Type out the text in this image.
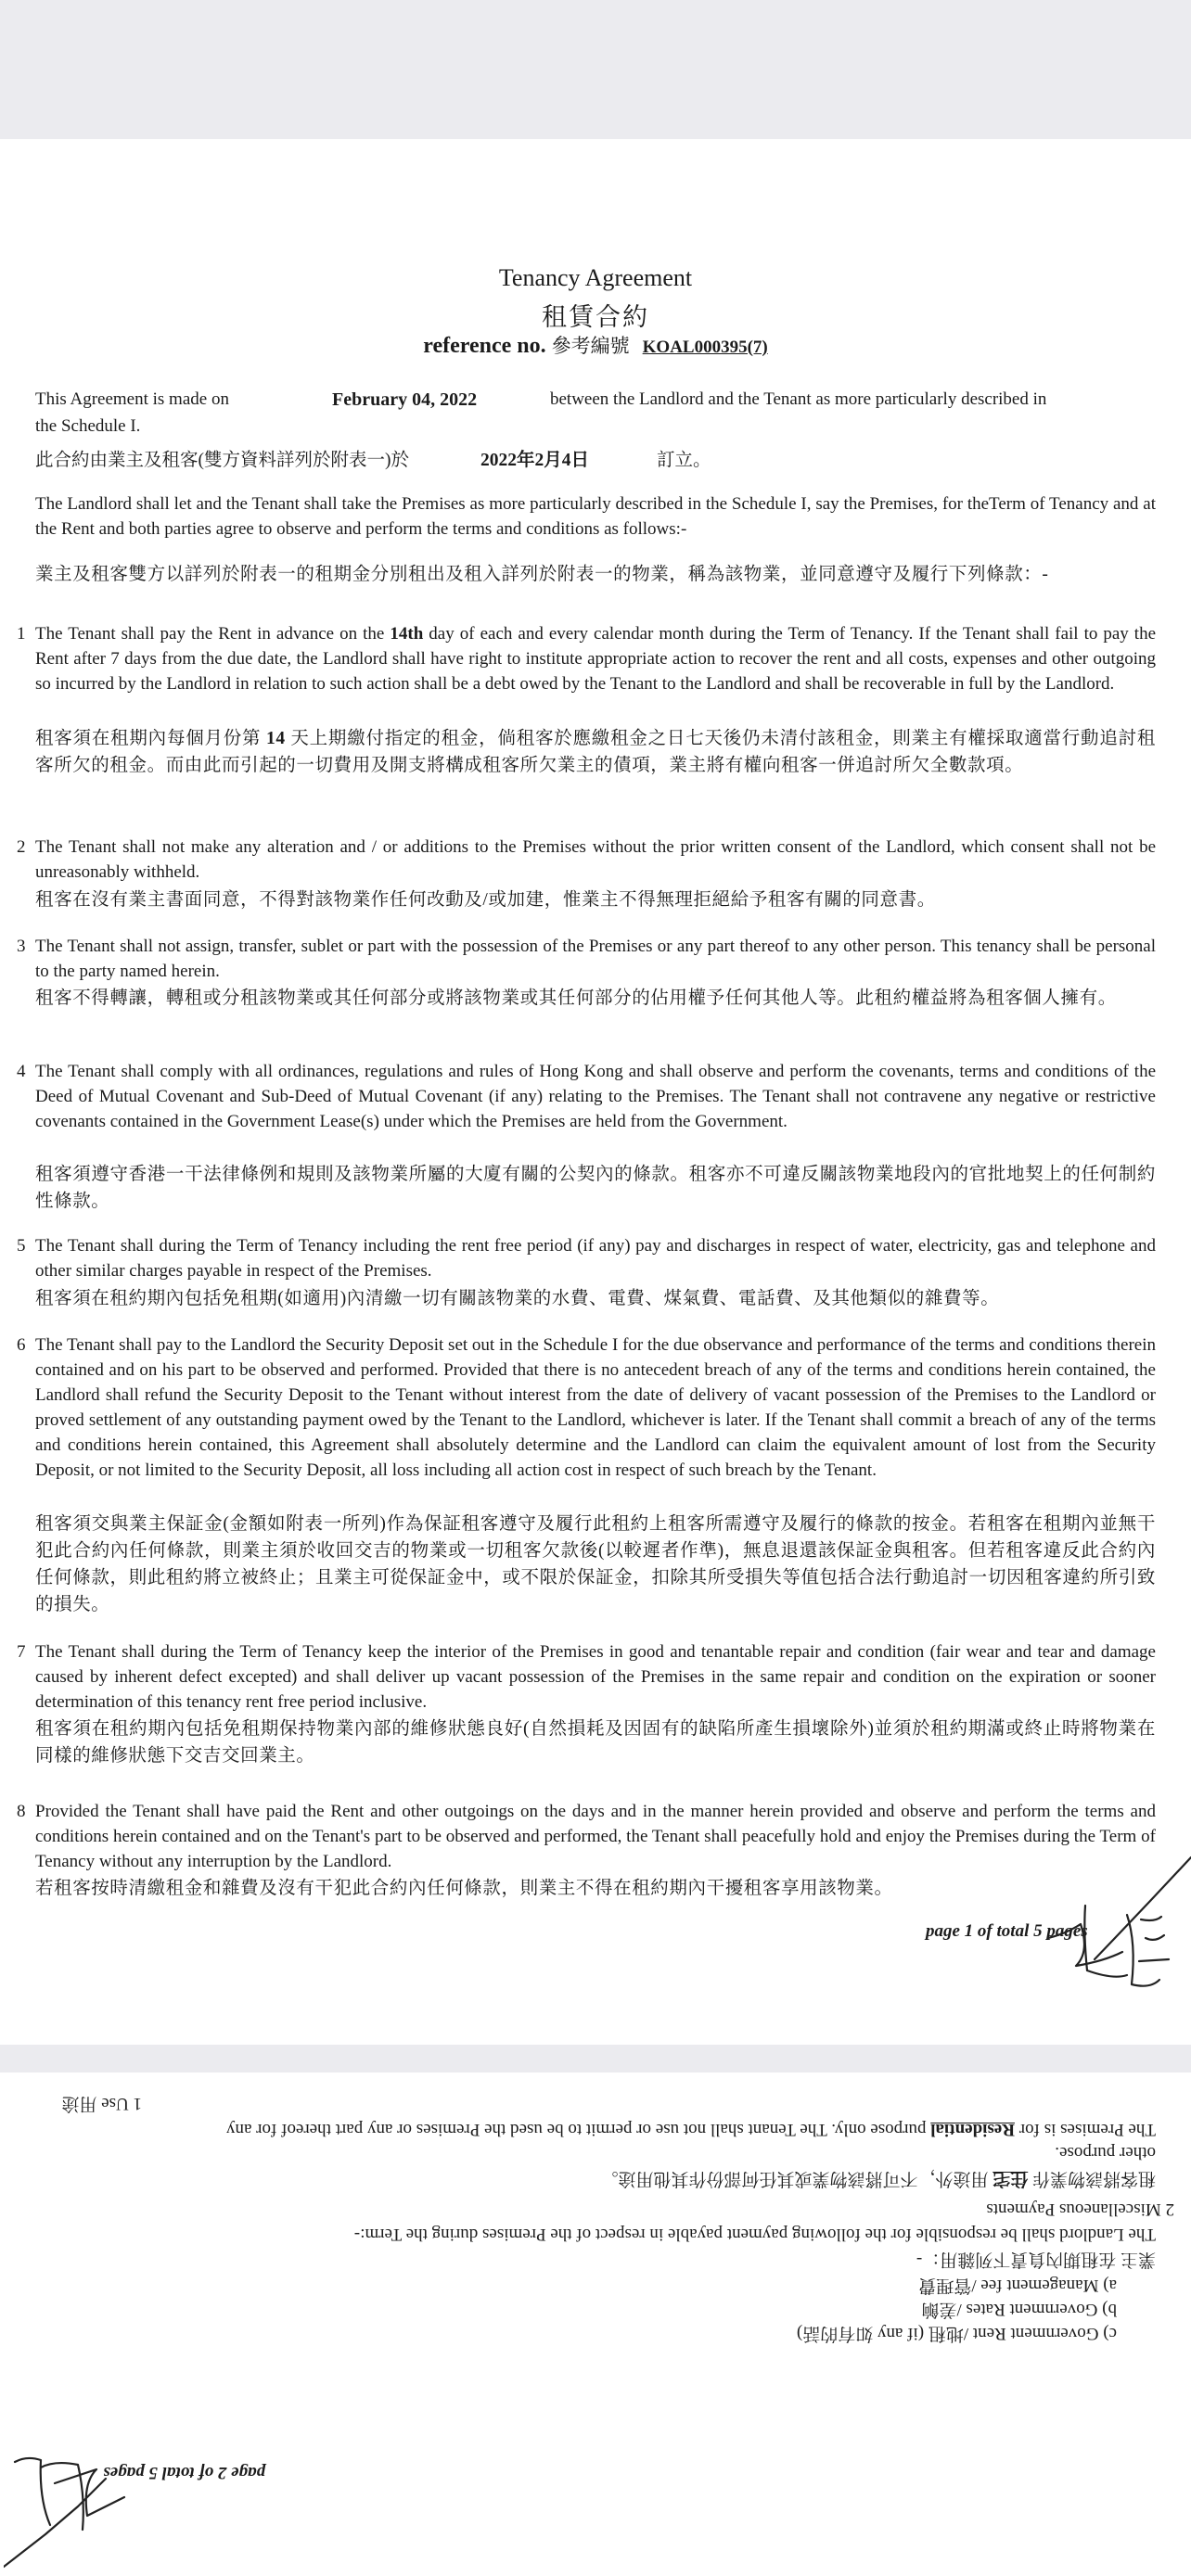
Tenancy Agreement
租賃合約
reference no. 參考編號 KOAL000395(7)
This Agreement is made on	February 04, 2022	between the Landlord and the Tenant as more particularly described in
the Schedule I.
此合約由業主及租客(雙方資料詳列於附表一)於	2022年2月4日	訂立。
The Landlord shall let and the Tenant shall take the Premises as more particularly described in the Schedule I, say the Premises, for theTerm of Tenancy and at the Rent and both parties agree to observe and perform the terms and conditions as follows:-
業主及租客雙方以詳列於附表一的租期金分別租出及租入詳列於附表一的物業，稱為該物業，並同意遵守及履行下列條款：-
1 The Tenant shall pay the Rent in advance on the 14th day of each and every calendar month during the Term of Tenancy. If the Tenant shall fail to pay the Rent after 7 days from the due date, the Landlord shall have right to institute appropriate action to recover the rent and all costs, expenses and other outgoing so incurred by the Landlord in relation to such action shall be a debt owed by the Tenant to the Landlord and shall be recoverable in full by the Landlord.
租客須在租期內每個月份第 14 天上期繳付指定的租金，倘租客於應繳租金之日七天後仍未清付該租金，則業主有權採取適當行動追討租客所欠的租金。而由此而引起的一切費用及開支將構成租客所欠業主的債項，業主將有權向租客一併追討所欠全數款項。
2 The Tenant shall not make any alteration and / or additions to the Premises without the prior written consent of the Landlord, which consent shall not be unreasonably withheld.
租客在沒有業主書面同意，不得對該物業作任何改動及/或加建，惟業主不得無理拒絕給予租客有關的同意書。
3 The Tenant shall not assign, transfer, sublet or part with the possession of the Premises or any part thereof to any other person. This tenancy shall be personal to the party named herein.
租客不得轉讓，轉租或分租該物業或其任何部分或將該物業或其任何部分的佔用權予任何其他人等。此租約權益將為租客個人擁有。
4 The Tenant shall comply with all ordinances, regulations and rules of Hong Kong and shall observe and perform the covenants, terms and conditions of the Deed of Mutual Covenant and Sub-Deed of Mutual Covenant (if any) relating to the Premises. The Tenant shall not contravene any negative or restrictive covenants contained in the Government Lease(s) under which the Premises are held from the Government.
租客須遵守香港一干法律條例和規則及該物業所屬的大廈有關的公契內的條款。租客亦不可違反關該物業地段內的官批地契上的任何制約性條款。
5 The Tenant shall during the Term of Tenancy including the rent free period (if any) pay and discharges in respect of water, electricity, gas and telephone and other similar charges payable in respect of the Premises.
租客須在租約期內包括免租期(如適用)內清繳一切有關該物業的水費、電費、煤氣費、電話費、及其他類似的雜費等。
6 The Tenant shall pay to the Landlord the Security Deposit set out in the Schedule I for the due observance and performance of the terms and conditions therein contained and on his part to be observed and performed. Provided that there is no antecedent breach of any of the terms and conditions herein contained, the Landlord shall refund the Security Deposit to the Tenant without interest from the date of delivery of vacant possession of the Premises to the Landlord or proved settlement of any outstanding payment owed by the Tenant to the Landlord, whichever is later. If the Tenant shall commit a breach of any of the terms and conditions herein contained, this Agreement shall absolutely determine and the Landlord can claim the equivalent amount of lost from the Security Deposit, or not limited to the Security Deposit, all loss including all action cost in respect of such breach by the Tenant.
租客須交與業主保証金(金額如附表一所列)作為保証租客遵守及履行此租約上租客所需遵守及履行的條款的按金。若租客在租期內並無干犯此合約內任何條款，則業主須於收回交吉的物業或一切租客欠款後(以較遲者作準)，無息退還該保証金與租客。但若租客違反此合約內任何條款，則此租約將立被終止；且業主可從保証金中，或不限於保証金，扣除其所受損失等值包括合法行動追討一切因租客違約所引致的損失。
7 The Tenant shall during the Term of Tenancy keep the interior of the Premises in good and tenantable repair and condition (fair wear and tear and damage caused by inherent defect excepted) and shall deliver up vacant possession of the Premises in the same repair and condition on the expiration or sooner determination of this tenancy rent free period inclusive.
租客須在租約期內包括免租期保持物業內部的維修狀態良好(自然損耗及因固有的缺陷所產生損壞除外)並須於租約期滿或終止時將物業在同樣的維修狀態下交吉交回業主。
8 Provided the Tenant shall have paid the Rent and other outgoings on the days and in the manner herein provided and observe and perform the terms and conditions herein contained and on the Tenant's part to be observed and performed, the Tenant shall peacefully hold and enjoy the Premises during the Term of Tenancy without any interruption by the Landlord.
若租客按時清繳租金和雜費及沒有干犯此合約內任何條款，則業主不得在租約期內干擾租客享用該物業。
page 1 of total 5 pages
1 Use 用途
The Premises is for Residential purpose only. The Tenant shall not use or permit to be used the Premises or any part thereof for any
other purpose.
租客將該物業作 住宅 用途外，不可將該物業或其任何部份作其他用途。
2 Miscellaneous Payments
The Landlord shall be responsible for the following payment payable in respect of the Premises during the Term:-
業主 在租期內負責下列雜用：-
a) Management fee /管理費
b) Government Rates /差餉
c) Government Rent /地租 (if any 如有的話)
page 2 of total 5 pages
